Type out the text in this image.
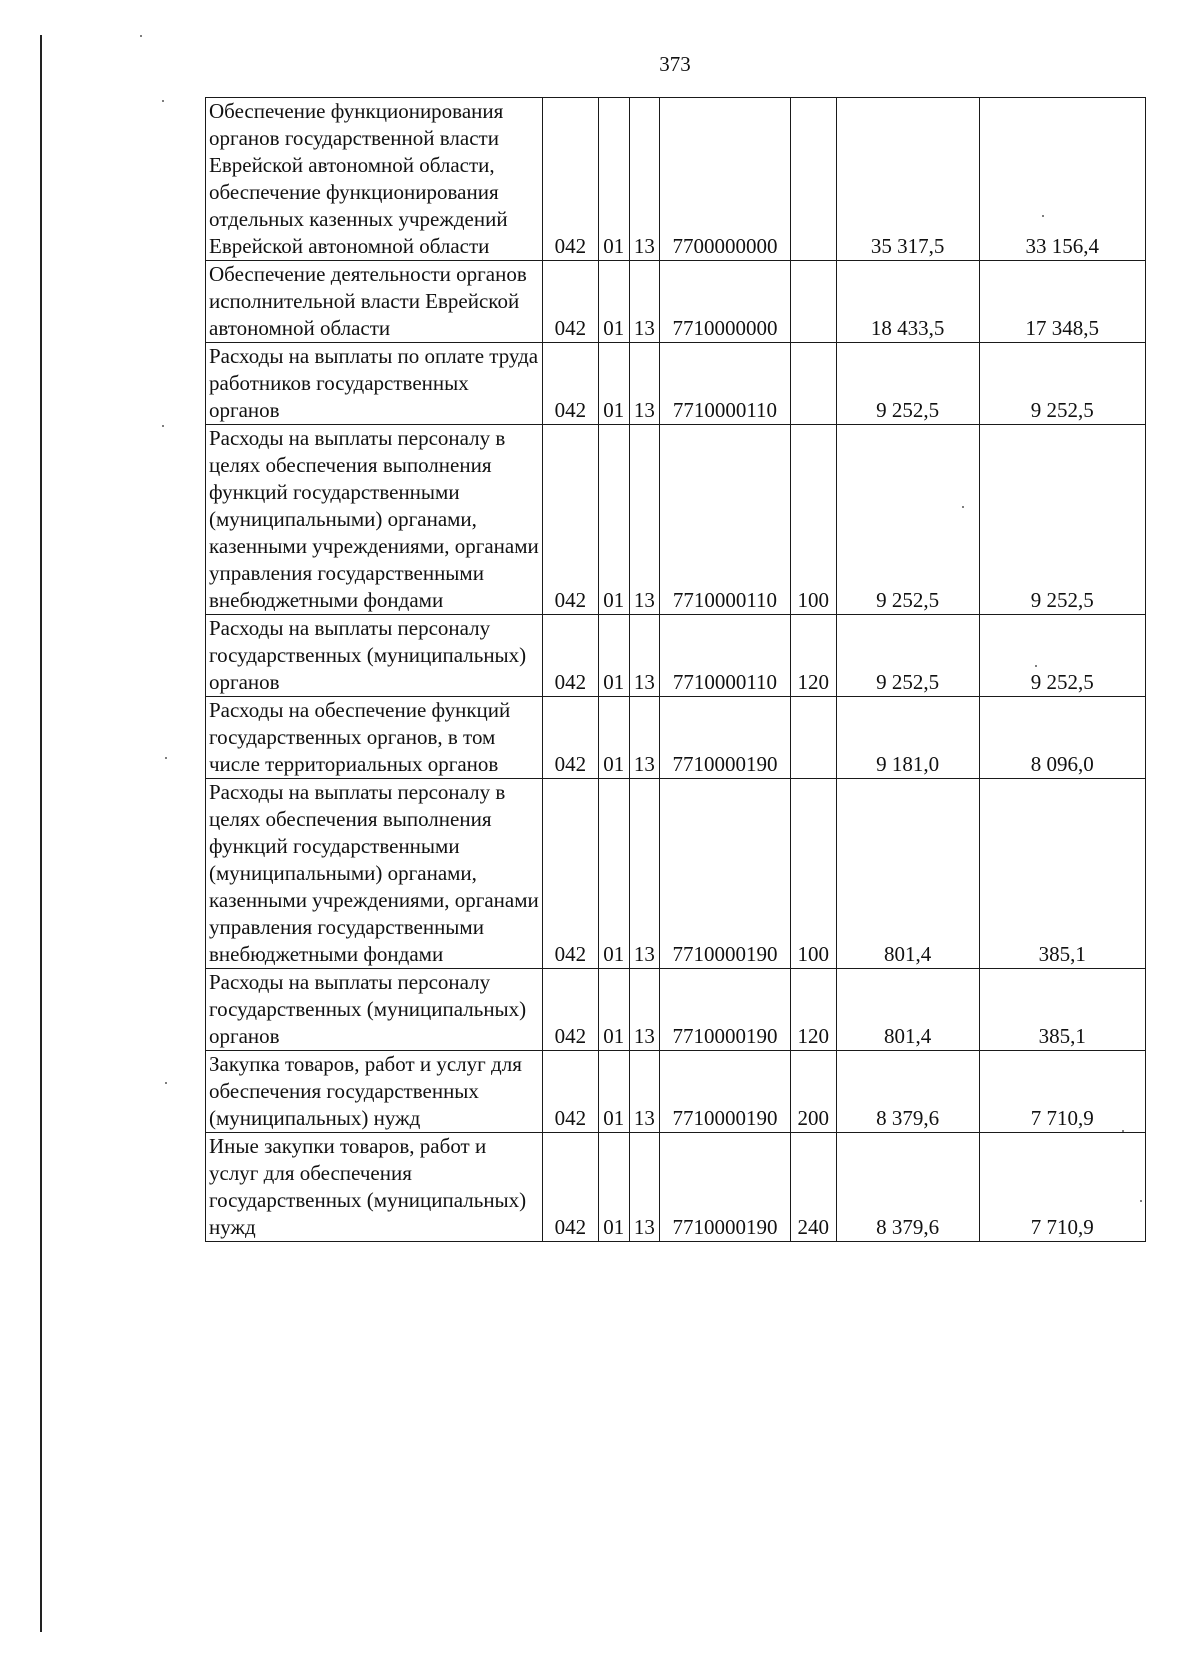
373
Обеспечение функционирования органов государственной власти Еврейской автономной области, обеспечение функционирования отдельных казенных учреждений Еврейской автономной области	042	01	13	7700000000		35 317,5	33 156,4
Обеспечение деятельности органов исполнительной власти Еврейской автономной области	042	01	13	7710000000		18 433,5	17 348,5
Расходы на выплаты по оплате труда работников государственных органов	042	01	13	7710000110		9 252,5	9 252,5
Расходы на выплаты персоналу в целях обеспечения выполнения функций государственными (муниципальными) органами, казенными учреждениями, органами управления государственными внебюджетными фондами	042	01	13	7710000110	100	9 252,5	9 252,5
Расходы на выплаты персоналу государственных (муниципальных) органов	042	01	13	7710000110	120	9 252,5	9 252,5
Расходы на обеспечение функций государственных органов, в том числе территориальных органов	042	01	13	7710000190		9 181,0	8 096,0
Расходы на выплаты персоналу в целях обеспечения выполнения функций государственными (муниципальными) органами, казенными учреждениями, органами управления государственными внебюджетными фондами	042	01	13	7710000190	100	801,4	385,1
Расходы на выплаты персоналу государственных (муниципальных) органов	042	01	13	7710000190	120	801,4	385,1
Закупка товаров, работ и услуг для обеспечения государственных (муниципальных) нужд	042	01	13	7710000190	200	8 379,6	7 710,9
Иные закупки товаров, работ и услуг для обеспечения государственных (муниципальных) нужд	042	01	13	7710000190	240	8 379,6	7 710,9
